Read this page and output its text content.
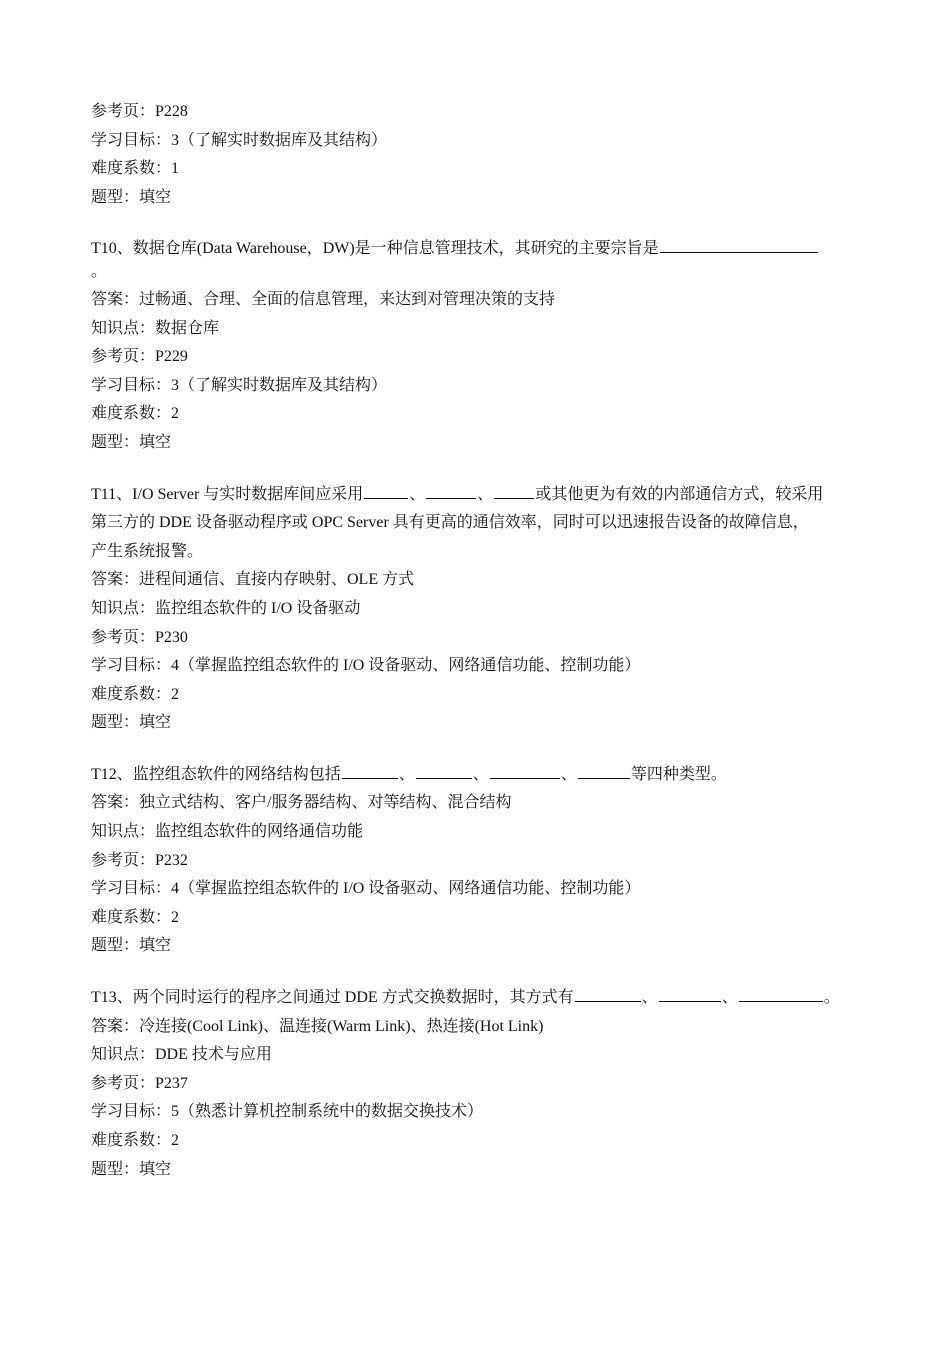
参考页：P228
学习目标：3（了解实时数据库及其结构）
难度系数：1
题型：填空
T10、数据仓库(Data Warehouse，DW)是一种信息管理技术，其研究的主要宗旨是
。
答案：过畅通、合理、全面的信息管理，来达到对管理决策的支持
知识点：数据仓库
参考页：P229
学习目标：3（了解实时数据库及其结构）
难度系数：2
题型：填空
T11、I/O Server 与实时数据库间应采用	、	、	或其他更为有效的内部通信方式，较采用
第三方的 DDE 设备驱动程序或 OPC Server 具有更高的通信效率，同时可以迅速报告设备的故障信息，
产生系统报警。
答案：进程间通信、直接内存映射、OLE 方式
知识点：监控组态软件的 I/O 设备驱动
参考页：P230
学习目标：4（掌握监控组态软件的 I/O 设备驱动、网络通信功能、控制功能）
难度系数：2
题型：填空
T12、监控组态软件的网络结构包括	、	、	、	等四种类型。
答案：独立式结构、客户/服务器结构、对等结构、混合结构
知识点：监控组态软件的网络通信功能
参考页：P232
学习目标：4（掌握监控组态软件的 I/O 设备驱动、网络通信功能、控制功能）
难度系数：2
题型：填空
T13、两个同时运行的程序之间通过 DDE 方式交换数据时，其方式有	、	、	。
答案：冷连接(Cool Link)、温连接(Warm Link)、热连接(Hot Link)
知识点：DDE 技术与应用
参考页：P237
学习目标：5（熟悉计算机控制系统中的数据交换技术）
难度系数：2
题型：填空
